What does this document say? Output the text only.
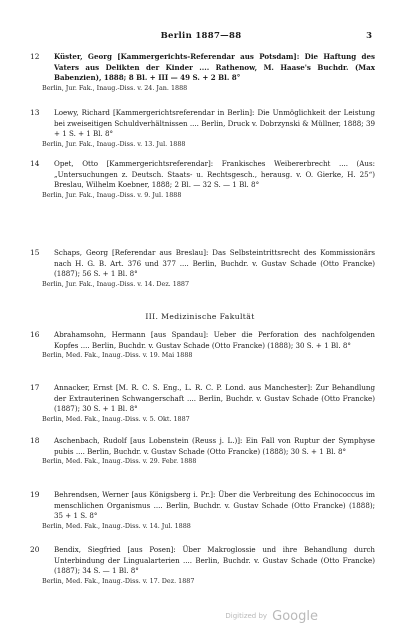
Berlin 1887—88	3
12	Küster, Georg [Kammergerichts-Referendar aus Potsdam]: Die Haftung des Vaters aus Delikten der Kinder .... Rathenow, M. Haase's Buchdr. (Max Babenzien), 1888; 8 Bl. + III — 49 S. + 2 Bl. 8°
Berlin, Jur. Fak., Inaug.-Diss. v. 24. Jan. 1888
13	Loewy, Richard [Kammergerichtsreferendar in Berlin]: Die Unmöglichkeit der Leistung bei zweiseitigen Schuldverhältnissen .... Berlin, Druck v. Dobrzynski & Müllner, 1888; 39 + 1 S. + 1 Bl. 8°
Berlin, Jur. Fak., Inaug.-Diss. v. 13. Jul. 1888
14	Opet, Otto [Kammergerichtsreferendar]: Frankisches Weibererbrecht .... (Aus: „Untersuchungen z. Deutsch. Staats- u. Rechtsgesch., herausg. v. O. Gierke, H. 25“) Breslau, Wilhelm Koebner, 1888; 2 Bl. — 32 S. — 1 Bl. 8°
Berlin, Jur. Fak., Inaug.-Diss. v. 9. Jul. 1888
15	Schaps, Georg [Referendar aus Breslau]: Das Selbsteintrittsrecht des Kommissionärs nach H. G. B. Art. 376 und 377 .... Berlin, Buchdr. v. Gustav Schade (Otto Francke) (1887); 56 S. + 1 Bl. 8°
Berlin, Jur. Fak., Inaug.-Diss. v. 14. Dez. 1887
III. Medizinische Fakultät
16	Abrahamsohn, Hermann [aus Spandau]: Ueber die Perforation des nachfolgenden Kopfes .... Berlin, Buchdr. v. Gustav Schade (Otto Francke) (1888); 30 S. + 1 Bl. 8°
Berlin, Med. Fak., Inaug.-Diss. v. 19. Mai 1888
17	Annacker, Ernst [M. R. C. S. Eng., L. R. C. P. Lond. aus Manchester]: Zur Behandlung der Extrauterinen Schwangerschaft .... Berlin, Buchdr. v. Gustav Schade (Otto Francke) (1887); 30 S. + 1 Bl. 8°
Berlin, Med. Fak., Inaug.-Diss. v. 5. Okt. 1887
18	Aschenbach, Rudolf [aus Lobenstein (Reuss j. L.)]: Ein Fall von Ruptur der Symphyse pubis .... Berlin, Buchdr. v. Gustav Schade (Otto Francke) (1888); 30 S. + 1 Bl. 8°
Berlin, Med. Fak., Inaug.-Diss. v. 29. Febr. 1888
19	Behrendsen, Werner [aus Königsberg i. Pr.]: Über die Verbreitung des Echinococcus im menschlichen Organismus .... Berlin, Buchdr. v. Gustav Schade (Otto Francke) (1888); 35 + 1 S. 8°
Berlin, Med. Fak., Inaug.-Diss. v. 14. Jul. 1888
20	Bendix, Siegfried [aus Posen]: Über Makroglossie und ihre Behandlung durch Unterbindung der Lingualarterien .... Berlin, Buchdr. v. Gustav Schade (Otto Francke) (1887); 34 S. — 1 Bl. 8°
Berlin, Med. Fak., Inaug.-Diss. v. 17. Dez. 1887
Digitized by Google
